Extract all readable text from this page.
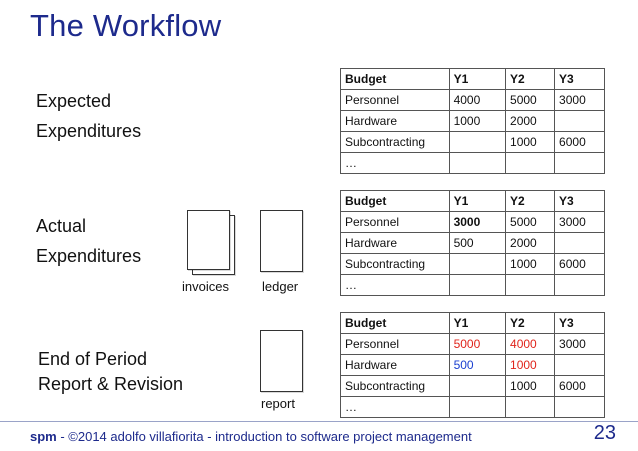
The Workflow
Expected
Expenditures
Actual
Expenditures
End of Period
Report & Revision
Budget	Y1	Y2	Y3
Personnel	4000	5000	3000
Hardware	1000	2000	
Subcontracting		1000	6000
…			
Budget	Y1	Y2	Y3
Personnel	3000	5000	3000
Hardware	500	2000	
Subcontracting		1000	6000
…			
Budget	Y1	Y2	Y3
Personnel	5000	4000	3000
Hardware	500	1000	
Subcontracting		1000	6000
…			
invoices	ledger
report
spm - ©2014 adolfo villafiorita - introduction to software project management	23
